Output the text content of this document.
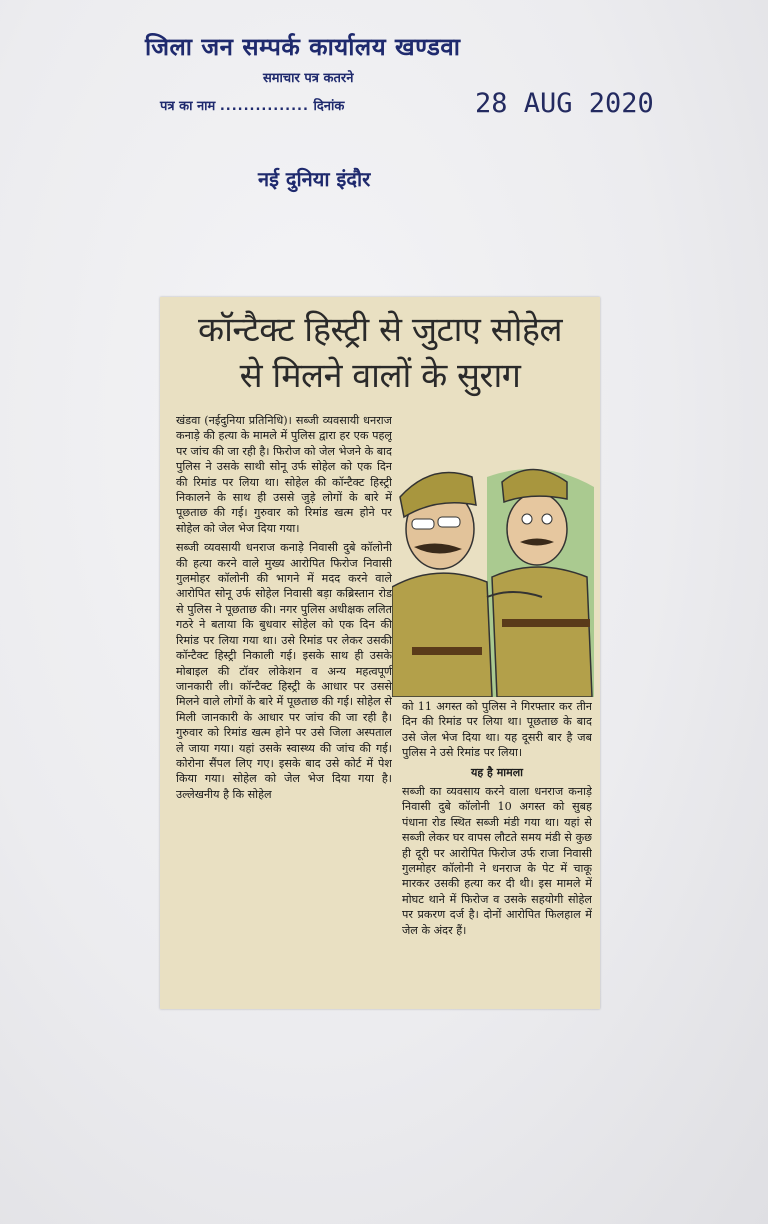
जिला जन सम्पर्क कार्यालय खण्डवा
समाचार पत्र कतरने
पत्र का नाम ............... दिनांक	28 AUG 2020
नई दुनिया इंदौर
कॉन्टैक्ट हिस्ट्री से जुटाए सोहेल
से मिलने वालों के सुराग

खंडवा (नईदुनिया प्रतिनिधि)। सब्जी व्यवसायी धनराज कनाड़े की हत्या के मामले में पुलिस द्वारा हर एक पहलू पर जांच की जा रही है। फिरोज को जेल भेजने के बाद पुलिस ने उसके साथी सोनू उर्फ सोहेल को एक दिन की रिमांड पर लिया था। सोहेल की कॉन्टैक्ट हिस्ट्री निकालने के साथ ही उससे जुड़े लोगों के बारे में पूछताछ की गई। गुरुवार को रिमांड खत्म होने पर सोहेल को जेल भेज दिया गया।

सब्जी व्यवसायी धनराज कनाड़े निवासी दुबे कॉलोनी की हत्या करने वाले मुख्य आरोपित फिरोज निवासी गुलमोहर कॉलोनी की भागने में मदद करने वाले आरोपित सोनू उर्फ सोहेल निवासी बड़ा कब्रिस्तान रोड से पुलिस ने पूछताछ की। नगर पुलिस अधीक्षक ललित गठरे ने बताया कि बुधवार सोहेल को एक दिन की रिमांड पर लिया गया था। उसे रिमांड पर लेकर उसकी कॉन्टैक्ट हिस्ट्री निकाली गई। इसके साथ ही उसके मोबाइल की टॉवर लोकेशन व अन्य महत्वपूर्ण जानकारी ली। कॉन्टैक्ट हिस्ट्री के आधार पर उससे मिलने वाले लोगों के बारे में पूछताछ की गई। सोहेल से मिली जानकारी के आधार पर जांच की जा रही है। गुरुवार को रिमांड खत्म होने पर उसे जिला अस्पताल ले जाया गया। यहां उसके स्वास्थ्य की जांच की गई। कोरोना सैंपल लिए गए। इसके बाद उसे कोर्ट में पेश किया गया। सोहेल को जेल भेज दिया गया है। उल्लेखनीय है कि सोहेल

को 11 अगस्त को पुलिस ने गिरफ्तार कर तीन दिन की रिमांड पर लिया था। पूछताछ के बाद उसे जेल भेज दिया था। यह दूसरी बार है जब पुलिस ने उसे रिमांड पर लिया।

यह है मामला

सब्जी का व्यवसाय करने वाला धनराज कनाड़े निवासी दुबे कॉलोनी 10 अगस्त को सुबह पंधाना रोड स्थित सब्जी मंडी गया था। यहां से सब्जी लेकर घर वापस लौटते समय मंडी से कुछ ही दूरी पर आरोपित फिरोज उर्फ राजा निवासी गुलमोहर कॉलोनी ने धनराज के पेट में चाकू मारकर उसकी हत्या कर दी थी। इस मामले में मोघट थाने में फिरोज व उसके सहयोगी सोहेल पर प्रकरण दर्ज है। दोनों आरोपित फिलहाल में जेल के अंदर हैं।
